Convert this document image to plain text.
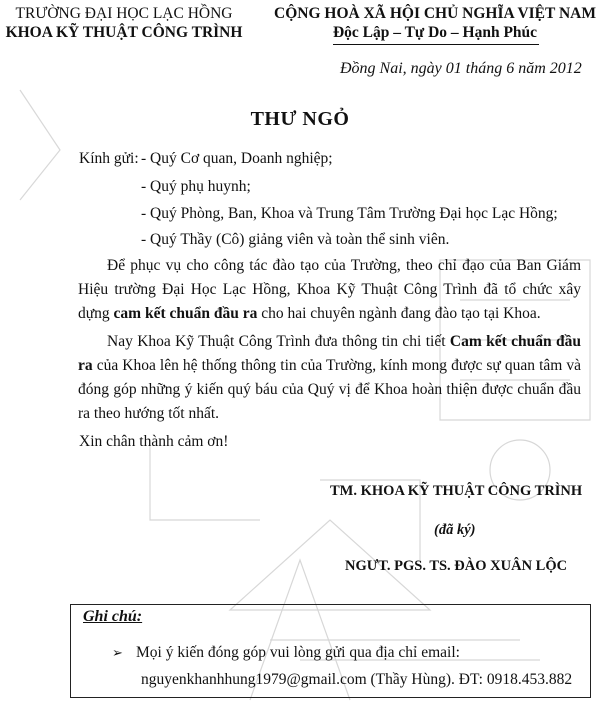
TRƯỜNG ĐẠI HỌC LẠC HỒNG
KHOA KỸ THUẬT CÔNG TRÌNH
CỘNG HOÀ XÃ HỘI CHỦ NGHĨA VIỆT NAM
Độc Lập – Tự Do – Hạnh Phúc
Đồng Nai, ngày 01 tháng 6 năm 2012
THƯ NGỎ
Kính gửi: - Quý Cơ quan, Doanh nghiệp;
- Quý phụ huynh;
- Quý Phòng, Ban, Khoa và Trung Tâm Trường Đại học Lạc Hồng;
- Quý Thầy (Cô) giảng viên và toàn thể sinh viên.
Để phục vụ cho công tác đào tạo của Trường, theo chỉ đạo của Ban Giám Hiệu trường Đại Học Lạc Hồng, Khoa Kỹ Thuật Công Trình đã tổ chức xây dựng cam kết chuẩn đầu ra cho hai chuyên ngành đang đào tạo tại Khoa.
Nay Khoa Kỹ Thuật Công Trình đưa thông tin chi tiết Cam kết chuẩn đầu ra của Khoa lên hệ thống thông tin của Trường, kính mong được sự quan tâm và đóng góp những ý kiến quý báu của Quý vị để Khoa hoàn thiện được chuẩn đầu ra theo hướng tốt nhất.
Xin chân thành cảm ơn!
TM. KHOA KỸ THUẬT CÔNG TRÌNH
(đã ký)
NGƯT. PGS. TS. ĐÀO XUÂN LỘC
Ghi chú:
➢ Mọi ý kiến đóng góp vui lòng gửi qua địa chỉ email:
nguyenkhanhhung1979@gmail.com (Thầy Hùng). ĐT: 0918.453.882
